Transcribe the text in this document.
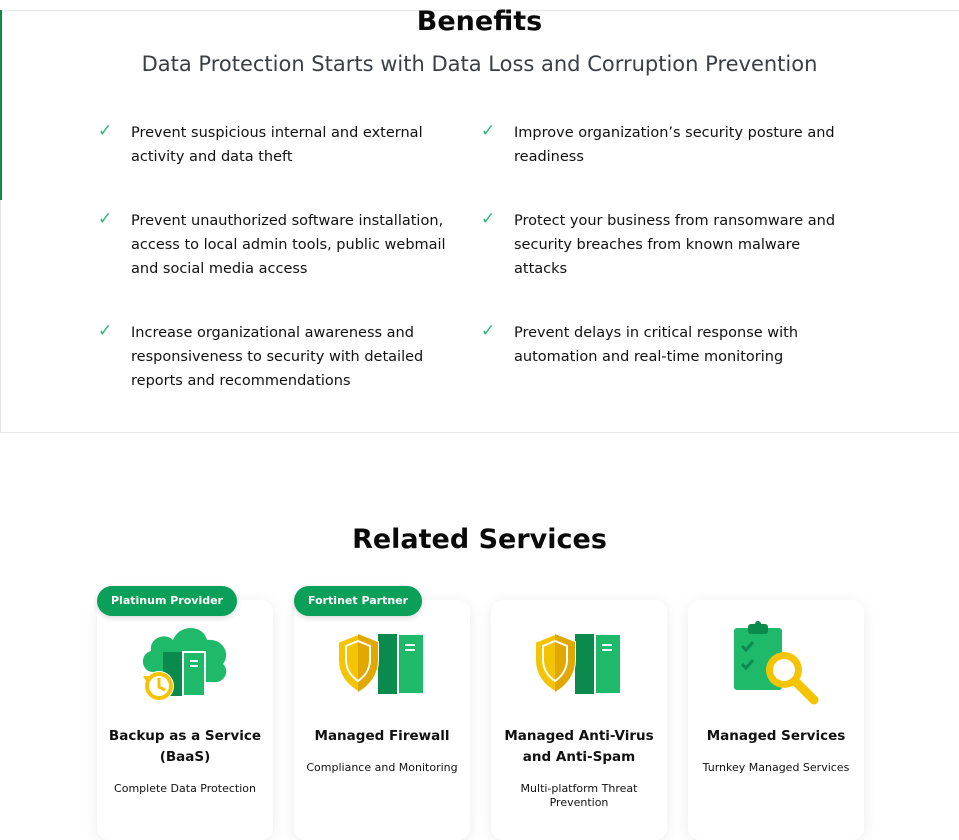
Benefits
Data Protection Starts with Data Loss and Corruption Prevention
✓ Prevent suspicious internal and external activity and data theft
✓ Improve organization’s security posture and readiness
✓ Prevent unauthorized software installation, access to local admin tools, public webmail and social media access
✓ Protect your business from ransomware and security breaches from known malware attacks
✓ Increase organizational awareness and responsiveness to security with detailed reports and recommendations
✓ Prevent delays in critical response with automation and real-time monitoring
Related Services
Backup as a Service (BaaS)
Complete Data Protection
Platinum Provider
Managed Firewall
Compliance and Monitoring
Fortinet Partner
Managed Anti-Virus and Anti-Spam
Multi-platform Threat Prevention
Managed Services
Turnkey Managed Services
